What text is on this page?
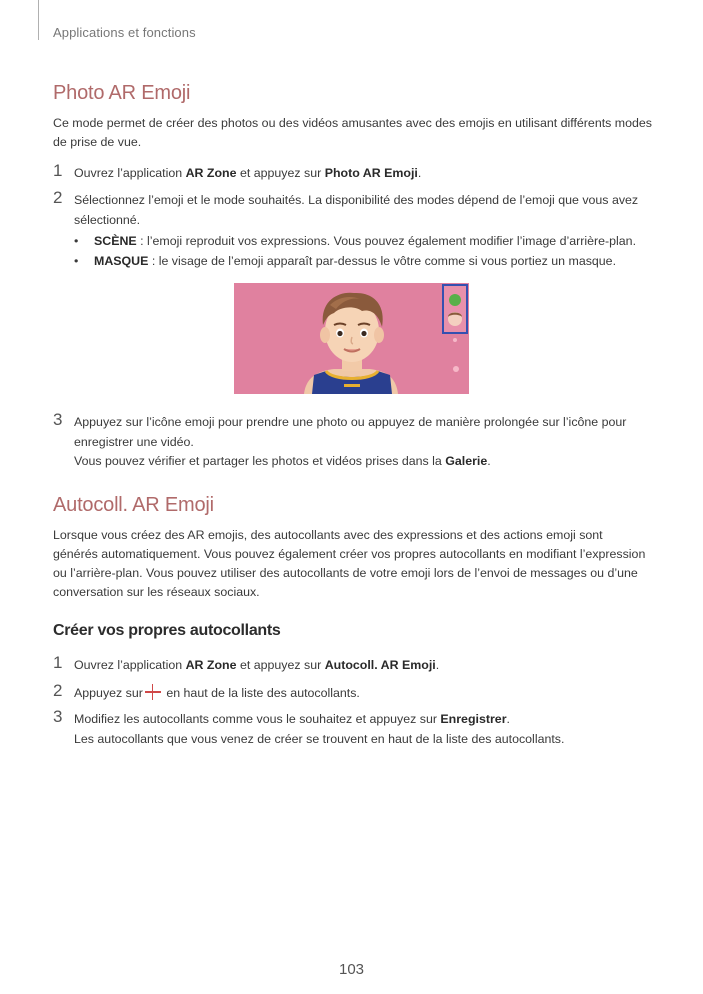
Applications et fonctions
Photo AR Emoji
Ce mode permet de créer des photos ou des vidéos amusantes avec des emojis en utilisant différents modes de prise de vue.
1 Ouvrez l’application AR Zone et appuyez sur Photo AR Emoji.
2 Sélectionnez l’emoji et le mode souhaités. La disponibilité des modes dépend de l’emoji que vous avez sélectionné.
• SCÈNE : l’emoji reproduit vos expressions. Vous pouvez également modifier l’image d’arrière-plan.
• MASQUE : le visage de l’emoji apparaît par-dessus le vôtre comme si vous portiez un masque.
3 Appuyez sur l’icône emoji pour prendre une photo ou appuyez de manière prolongée sur l’icône pour enregistrer une vidéo.
Vous pouvez vérifier et partager les photos et vidéos prises dans la Galerie.
Autocoll. AR Emoji
Lorsque vous créez des AR emojis, des autocollants avec des expressions et des actions emoji sont générés automatiquement. Vous pouvez également créer vos propres autocollants en modifiant l’expression ou l’arrière-plan. Vous pouvez utiliser des autocollants de votre emoji lors de l’envoi de messages ou d’une conversation sur les réseaux sociaux.
Créer vos propres autocollants
1 Ouvrez l’application AR Zone et appuyez sur Autocoll. AR Emoji.
2 Appuyez sur en haut de la liste des autocollants.
3 Modifiez les autocollants comme vous le souhaitez et appuyez sur Enregistrer.
Les autocollants que vous venez de créer se trouvent en haut de la liste des autocollants.
103
